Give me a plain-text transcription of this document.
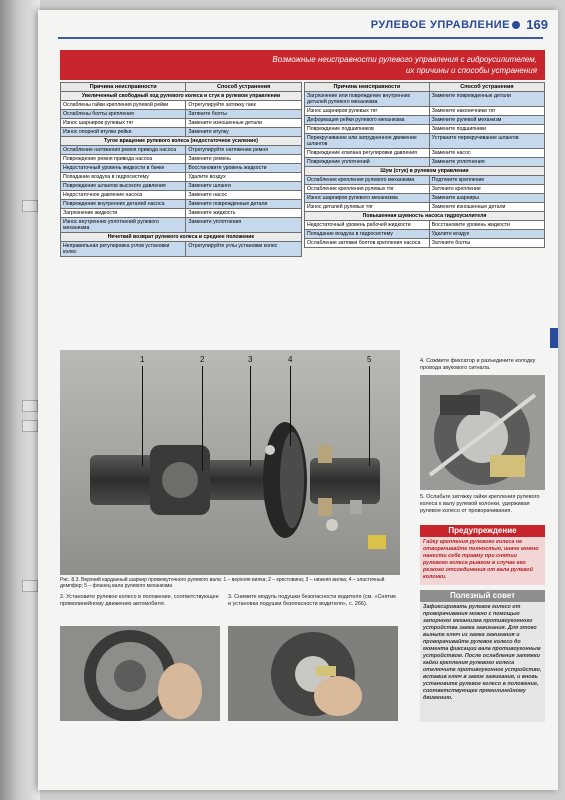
РУЛЕВОЕ УПРАВЛЕНИЕ 169
Возможные неисправности рулевого управления с гидроусилителем,
их причины и способы устранения
Причина неисправности	Способ устранения
Увеличенный свободный ход рулевого колеса и стук в рулевом управлении	
Ослаблены гайки крепления рулевой рейки	Отрегулируйте затяжку гаек
Ослаблены болты крепления	Затяните болты
Износ шарниров рулевых тяг	Замените изношенные детали
Износ опорной втулки рейки	Замените втулку
Тугое вращение рулевого колеса (недостаточное усиление)	
Ослабление натяжения ремня привода насоса	Отрегулируйте натяжение ремня
Повреждение ремня привода насоса	Замените ремень
Недостаточный уровень жидкости в бачке	Восстановите уровень жидкости
Попадание воздуха в гидросистему	Удалите воздух
Повреждение шлангов высокого давления	Замените шланги
Недостаточное давление насоса	Замените насос
Повреждение внутренних деталей насоса	Замените поврежденные детали
Загрязнение жидкости	Замените жидкость
Износ внутренних уплотнений рулевого механизма	Замените уплотнения
Нечеткий возврат рулевого колеса в среднее положение	
Неправильная регулировка углов установки колес	Отрегулируйте углы установки колес
Причина неисправности	Способ устранения
Загрязнение или повреждение внутренних деталей рулевого механизма	Замените поврежденные детали
Износ шарниров рулевых тяг	Замените наконечники тяг
Деформация рейки рулевого механизма	Замените рулевой механизм
Повреждение подшипников	Замените подшипники
Перекручивание или затрудненное движение шлангов	Устраните перекручивание шлангов
Повреждение клапана регулировки давления	Замените насос
Повреждение уплотнений	Замените уплотнения
Шум (стук) в рулевом управлении	
Ослабление крепления рулевого механизма	Подтяните крепление
Ослабление крепления рулевых тяг	Затяните крепление
Износ шарниров рулевого механизма	Замените шарниры
Износ деталей рулевых тяг	Замените изношенные детали
Повышенная шумность насоса гидроусилителя	
Недостаточный уровень рабочей жидкости	Восстановите уровень жидкости
Попадание воздуха в гидросистему	Удалите воздух
Ослабление затяжки болтов крепления насоса	Затяните болты
1	2	3	4	5
Рис. 8.3. Верхний карданный шарнир промежуточного рулевого вала: 1 – верхняя вилка; 2 – крестовина; 3 – нижняя вилка; 4 – эластичный демпфер; 5 – фланец вала рулевого механизма
4. Сожмите фиксатор и разъедините колодку провода звукового сигнала.
5. Ослабьте затяжку гайки крепления рулевого колеса к валу рулевой колонки, удерживая рулевое колесо от проворачивания.
Предупреждение
Гайку крепления рулевого колеса не отворачивайте полностью, иначе можно нанести себе травму при снятии рулевого колеса рывком в случае его резкого отсоединения от вала рулевой колонки.
Полезный совет
Зафиксировать рулевое колесо от проворачивания можно с помощью запорного механизма противоугонного устройства замка зажигания. Для этого выньте ключ из замка зажигания и проворачивайте рулевое колесо до момента фиксации вала противоугонным устройством. После ослабления затяжки гайки крепления рулевого колеса отключите противоугонное устройство, вставив ключ в замок зажигания, и вновь установите рулевое колесо в положение, соответствующее прямолинейному движению.
2. Установите рулевое колесо в положение, соответствующее прямолинейному движению автомобиля.
3. Снимите модуль подушки безопасности водителя (см. «Снятие и установка подушки безопасности водителя», с. 266).
